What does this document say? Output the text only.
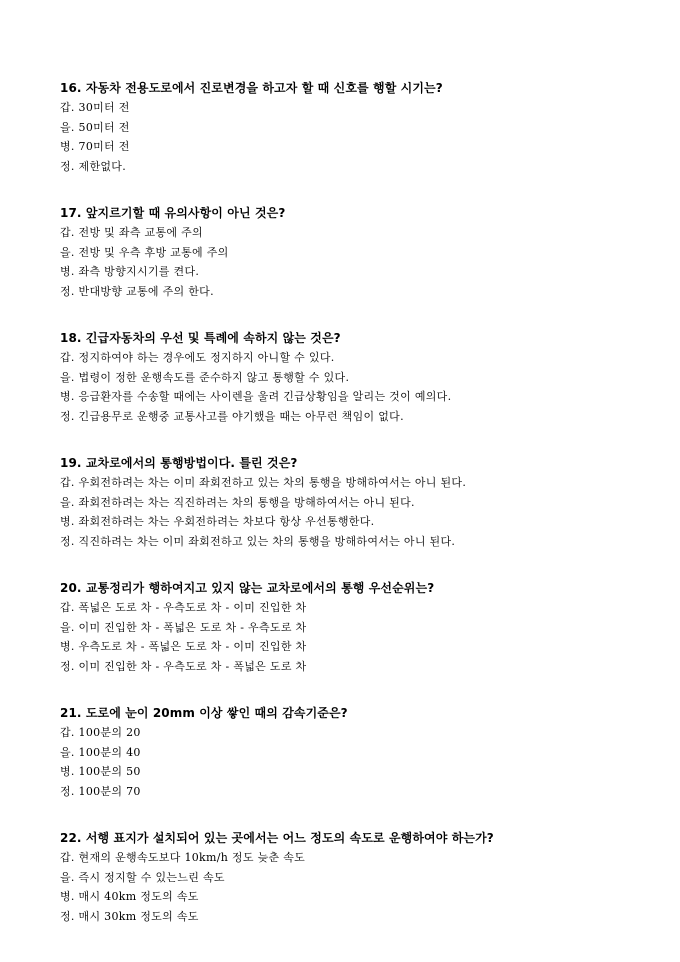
16. 자동차 전용도로에서 진로변경을 하고자 할 때 신호를 행할 시기는?
갑. 30미터 전
을. 50미터 전
병. 70미터 전
정. 제한없다.
17. 앞지르기할 때 유의사항이 아닌 것은?
갑. 전방 및 좌측 교통에 주의
을. 전방 및 우측 후방 교통에 주의
병. 좌측 방향지시기를 켠다.
정. 반대방향 교통에 주의 한다.
18. 긴급자동차의 우선 및 특례에 속하지 않는 것은?
갑. 정지하여야 하는 경우에도 정지하지 아니할 수 있다.
을. 법령이 정한 운행속도를 준수하지 않고 통행할 수 있다.
병. 응급환자를 수송할 때에는 사이렌을 울려 긴급상황임을 알리는 것이 예의다.
정. 긴급용무로 운행중 교통사고를 야기했을 때는 아무런 책임이 없다.
19. 교차로에서의 통행방법이다. 틀린 것은?
갑. 우회전하려는 차는 이미 좌회전하고 있는 차의 통행을 방해하여서는 아니 된다.
을. 좌회전하려는 차는 직진하려는 차의 통행을 방해하여서는 아니 된다.
병. 좌회전하려는 차는 우회전하려는 차보다 항상 우선통행한다.
정. 직진하려는 차는 이미 좌회전하고 있는 차의 통행을 방해하여서는 아니 된다.
20. 교통정리가 행하여지고 있지 않는 교차로에서의 통행 우선순위는?
갑. 폭넓은 도로 차 - 우측도로 차 - 이미 진입한 차
을. 이미 진입한 차 - 폭넓은 도로 차 - 우측도로 차
병. 우측도로 차 - 폭넓은 도로 차 - 이미 진입한 차
정. 이미 진입한 차 - 우측도로 차 - 폭넓은 도로 차
21. 도로에 눈이 20mm 이상 쌓인 때의 감속기준은?
갑. 100분의 20
을. 100분의 40
병. 100분의 50
정. 100분의 70
22. 서행 표지가 설치되어 있는 곳에서는 어느 정도의 속도로 운행하여야 하는가?
갑. 현재의 운행속도보다 10km/h 정도 늦춘 속도
을. 즉시 정지할 수 있는느린 속도
병. 매시 40km 정도의 속도
정. 매시 30km 정도의 속도
